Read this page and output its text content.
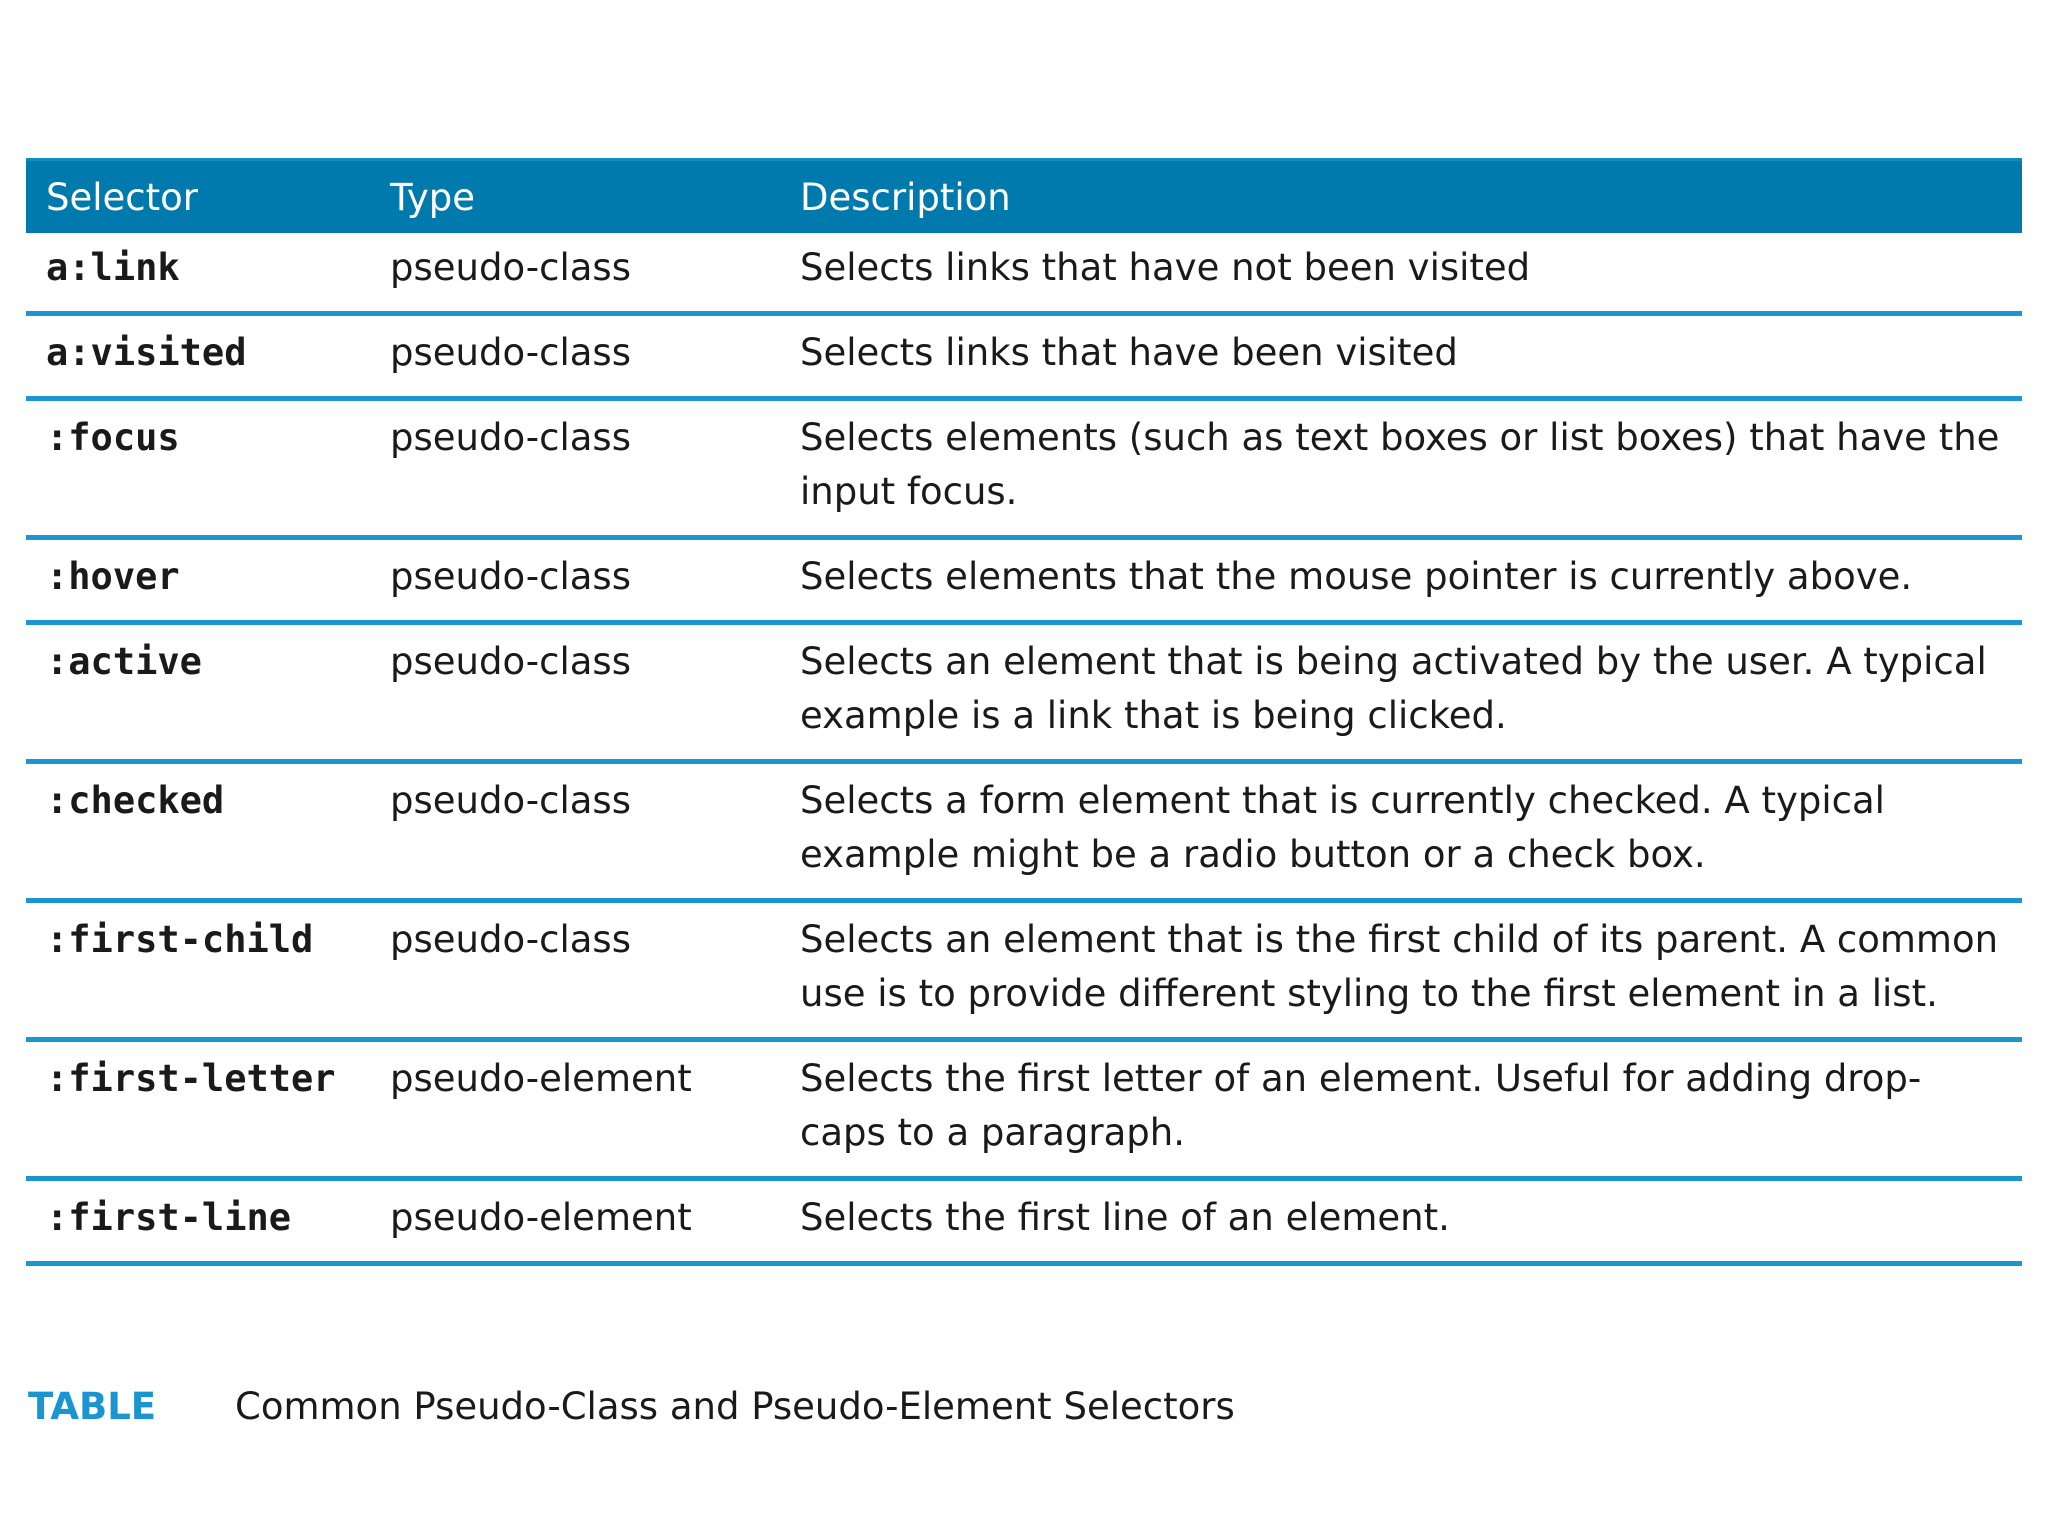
Selector	Type	Description
a:link	pseudo-class	Selects links that have not been visited
a:visited	pseudo-class	Selects links that have been visited
:focus	pseudo-class	Selects elements (such as text boxes or list boxes) that have the input focus.
:hover	pseudo-class	Selects elements that the mouse pointer is currently above.
:active	pseudo-class	Selects an element that is being activated by the user. A typical example is a link that is being clicked.
:checked	pseudo-class	Selects a form element that is currently checked. A typical example might be a radio button or a check box.
:first-child	pseudo-class	Selects an element that is the first child of its parent. A common use is to provide different styling to the first element in a list.
:first-letter	pseudo-element	Selects the first letter of an element. Useful for adding drop-caps to a paragraph.
:first-line	pseudo-element	Selects the first line of an element.
TABLE	Common Pseudo-Class and Pseudo-Element Selectors
